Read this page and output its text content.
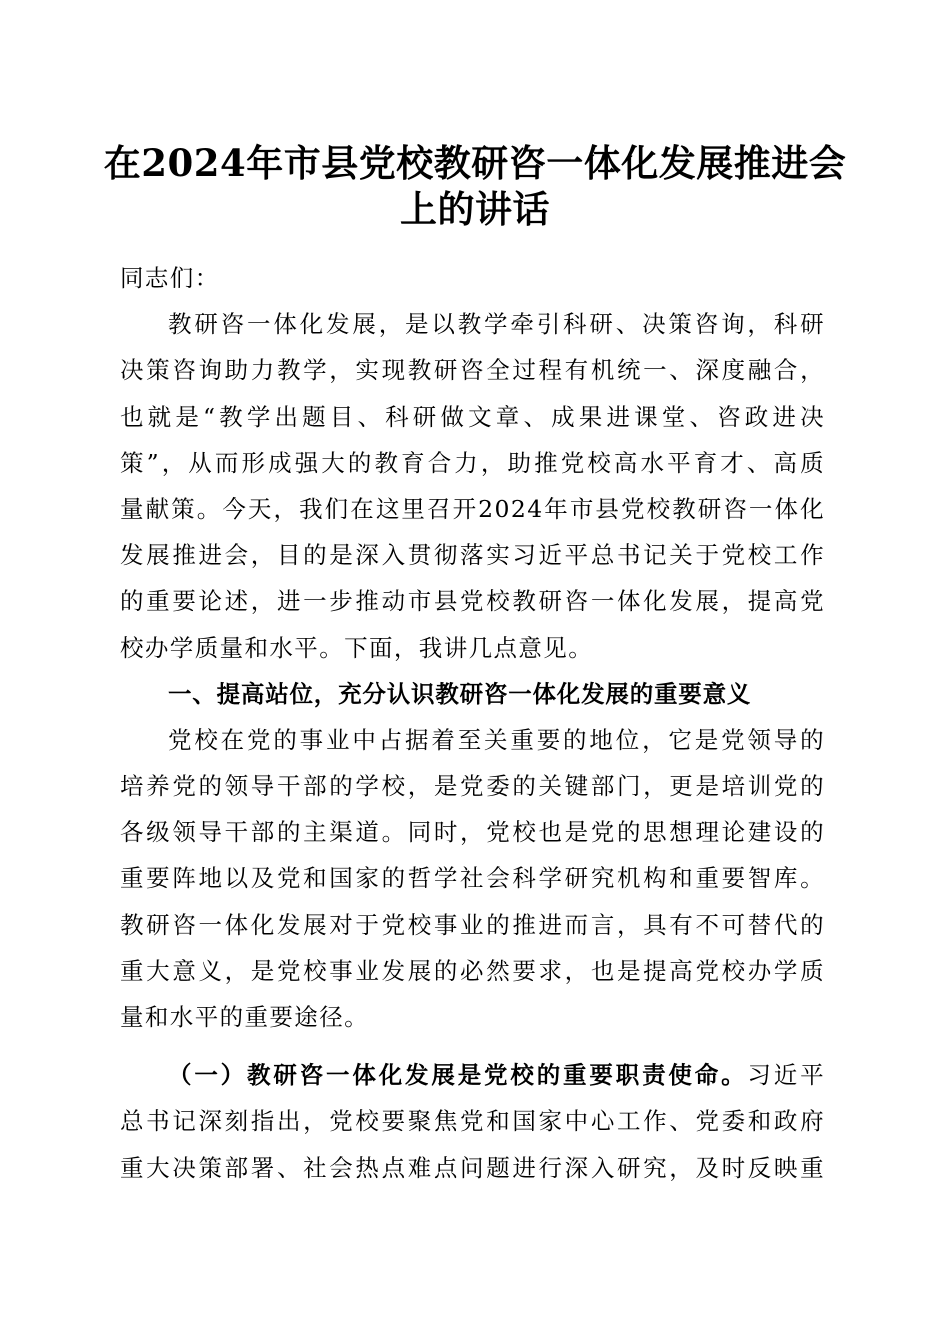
在2024年市县党校教研咨一体化发展推进会
上的讲话
同志们：
教研咨一体化发展，是以教学牵引科研、决策咨询，科研
决策咨询助力教学，实现教研咨全过程有机统一、深度融合，
也就是“教学出题目、科研做文章、成果进课堂、咨政进决
策”，从而形成强大的教育合力，助推党校高水平育才、高质
量献策。今天，我们在这里召开2024年市县党校教研咨一体化
发展推进会，目的是深入贯彻落实习近平总书记关于党校工作
的重要论述，进一步推动市县党校教研咨一体化发展，提高党
校办学质量和水平。下面，我讲几点意见。
一、提高站位，充分认识教研咨一体化发展的重要意义
党校在党的事业中占据着至关重要的地位，它是党领导的
培养党的领导干部的学校，是党委的关键部门，更是培训党的
各级领导干部的主渠道。同时，党校也是党的思想理论建设的
重要阵地以及党和国家的哲学社会科学研究机构和重要智库。
教研咨一体化发展对于党校事业的推进而言，具有不可替代的
重大意义，是党校事业发展的必然要求，也是提高党校办学质
量和水平的重要途径。
（一）教研咨一体化发展是党校的重要职责使命。习近平
总书记深刻指出，党校要聚焦党和国家中心工作、党委和政府
重大决策部署、社会热点难点问题进行深入研究，及时反映重
